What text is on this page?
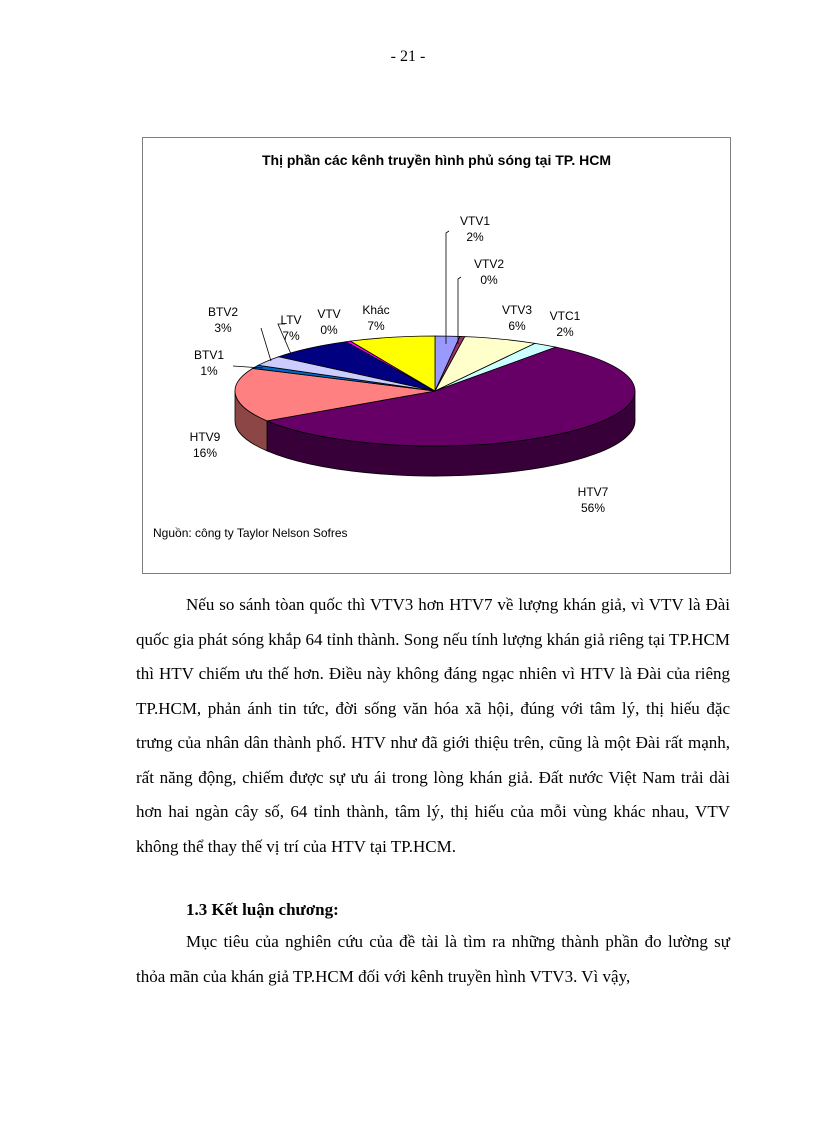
- 21 -
Thị phần các kênh truyền hình phủ sóng tại TP. HCM
VTV1 2%
VTV2 0%
VTV3 6%
VTC1 2%
HTV7 56%
HTV9 16%
BTV1 1%
BTV2 3%
LTV 7%
VTV 0%
Khác 7%
Nguồn: công ty Taylor Nelson Sofres

Nếu so sánh tòan quốc thì VTV3 hơn HTV7 về lượng khán giả, vì VTV là Đài quốc gia phát sóng khắp 64 tỉnh thành. Song nếu tính lượng khán giả riêng tại TP.HCM thì HTV chiếm ưu thế hơn. Điều này không đáng ngạc nhiên vì HTV là Đài của riêng TP.HCM, phản ánh tin tức, đời sống văn hóa xã hội, đúng với tâm lý, thị hiếu đặc trưng của nhân dân thành phố. HTV như đã giới thiệu trên, cũng là một Đài rất mạnh, rất năng động, chiếm được sự ưu ái trong lòng khán giả. Đất nước Việt Nam trải dài hơn hai ngàn cây số, 64 tỉnh thành, tâm lý, thị hiếu của mỗi vùng khác nhau, VTV không thể thay thế vị trí của HTV tại TP.HCM.

1.3 Kết luận chương:

Mục tiêu của nghiên cứu của đề tài là tìm ra những thành phần đo lường sự thỏa mãn của khán giả TP.HCM đối với kênh truyền hình VTV3. Vì vậy,
